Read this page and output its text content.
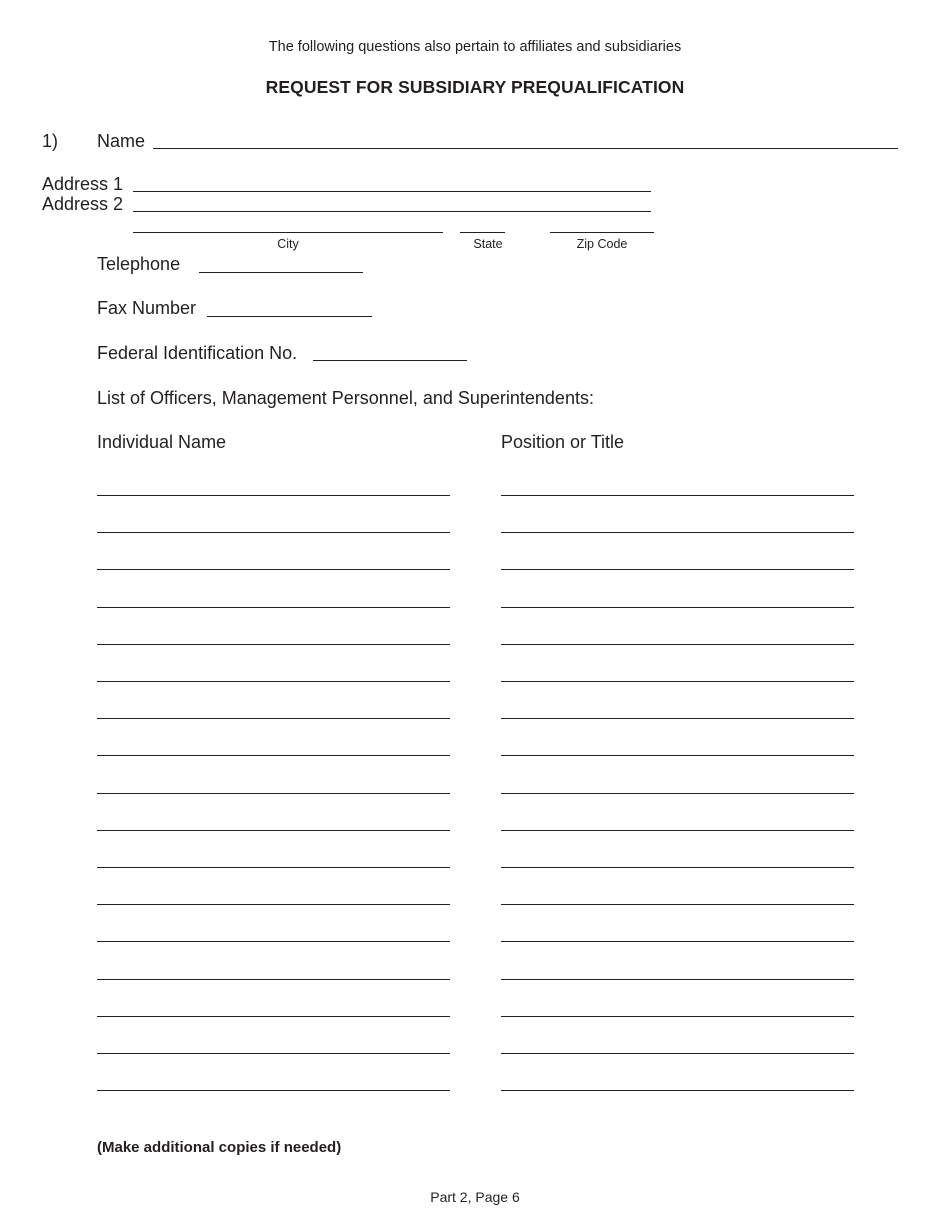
The following questions also pertain to affiliates and subsidiaries
REQUEST FOR SUBSIDIARY PREQUALIFICATION
1) Name
Address 1
Address 2
City	State	Zip Code
Telephone
Fax Number
Federal Identification No.
List of Officers, Management Personnel, and Superintendents:
Individual Name	Position or Title
(Make additional copies if needed)
Part 2, Page 6
